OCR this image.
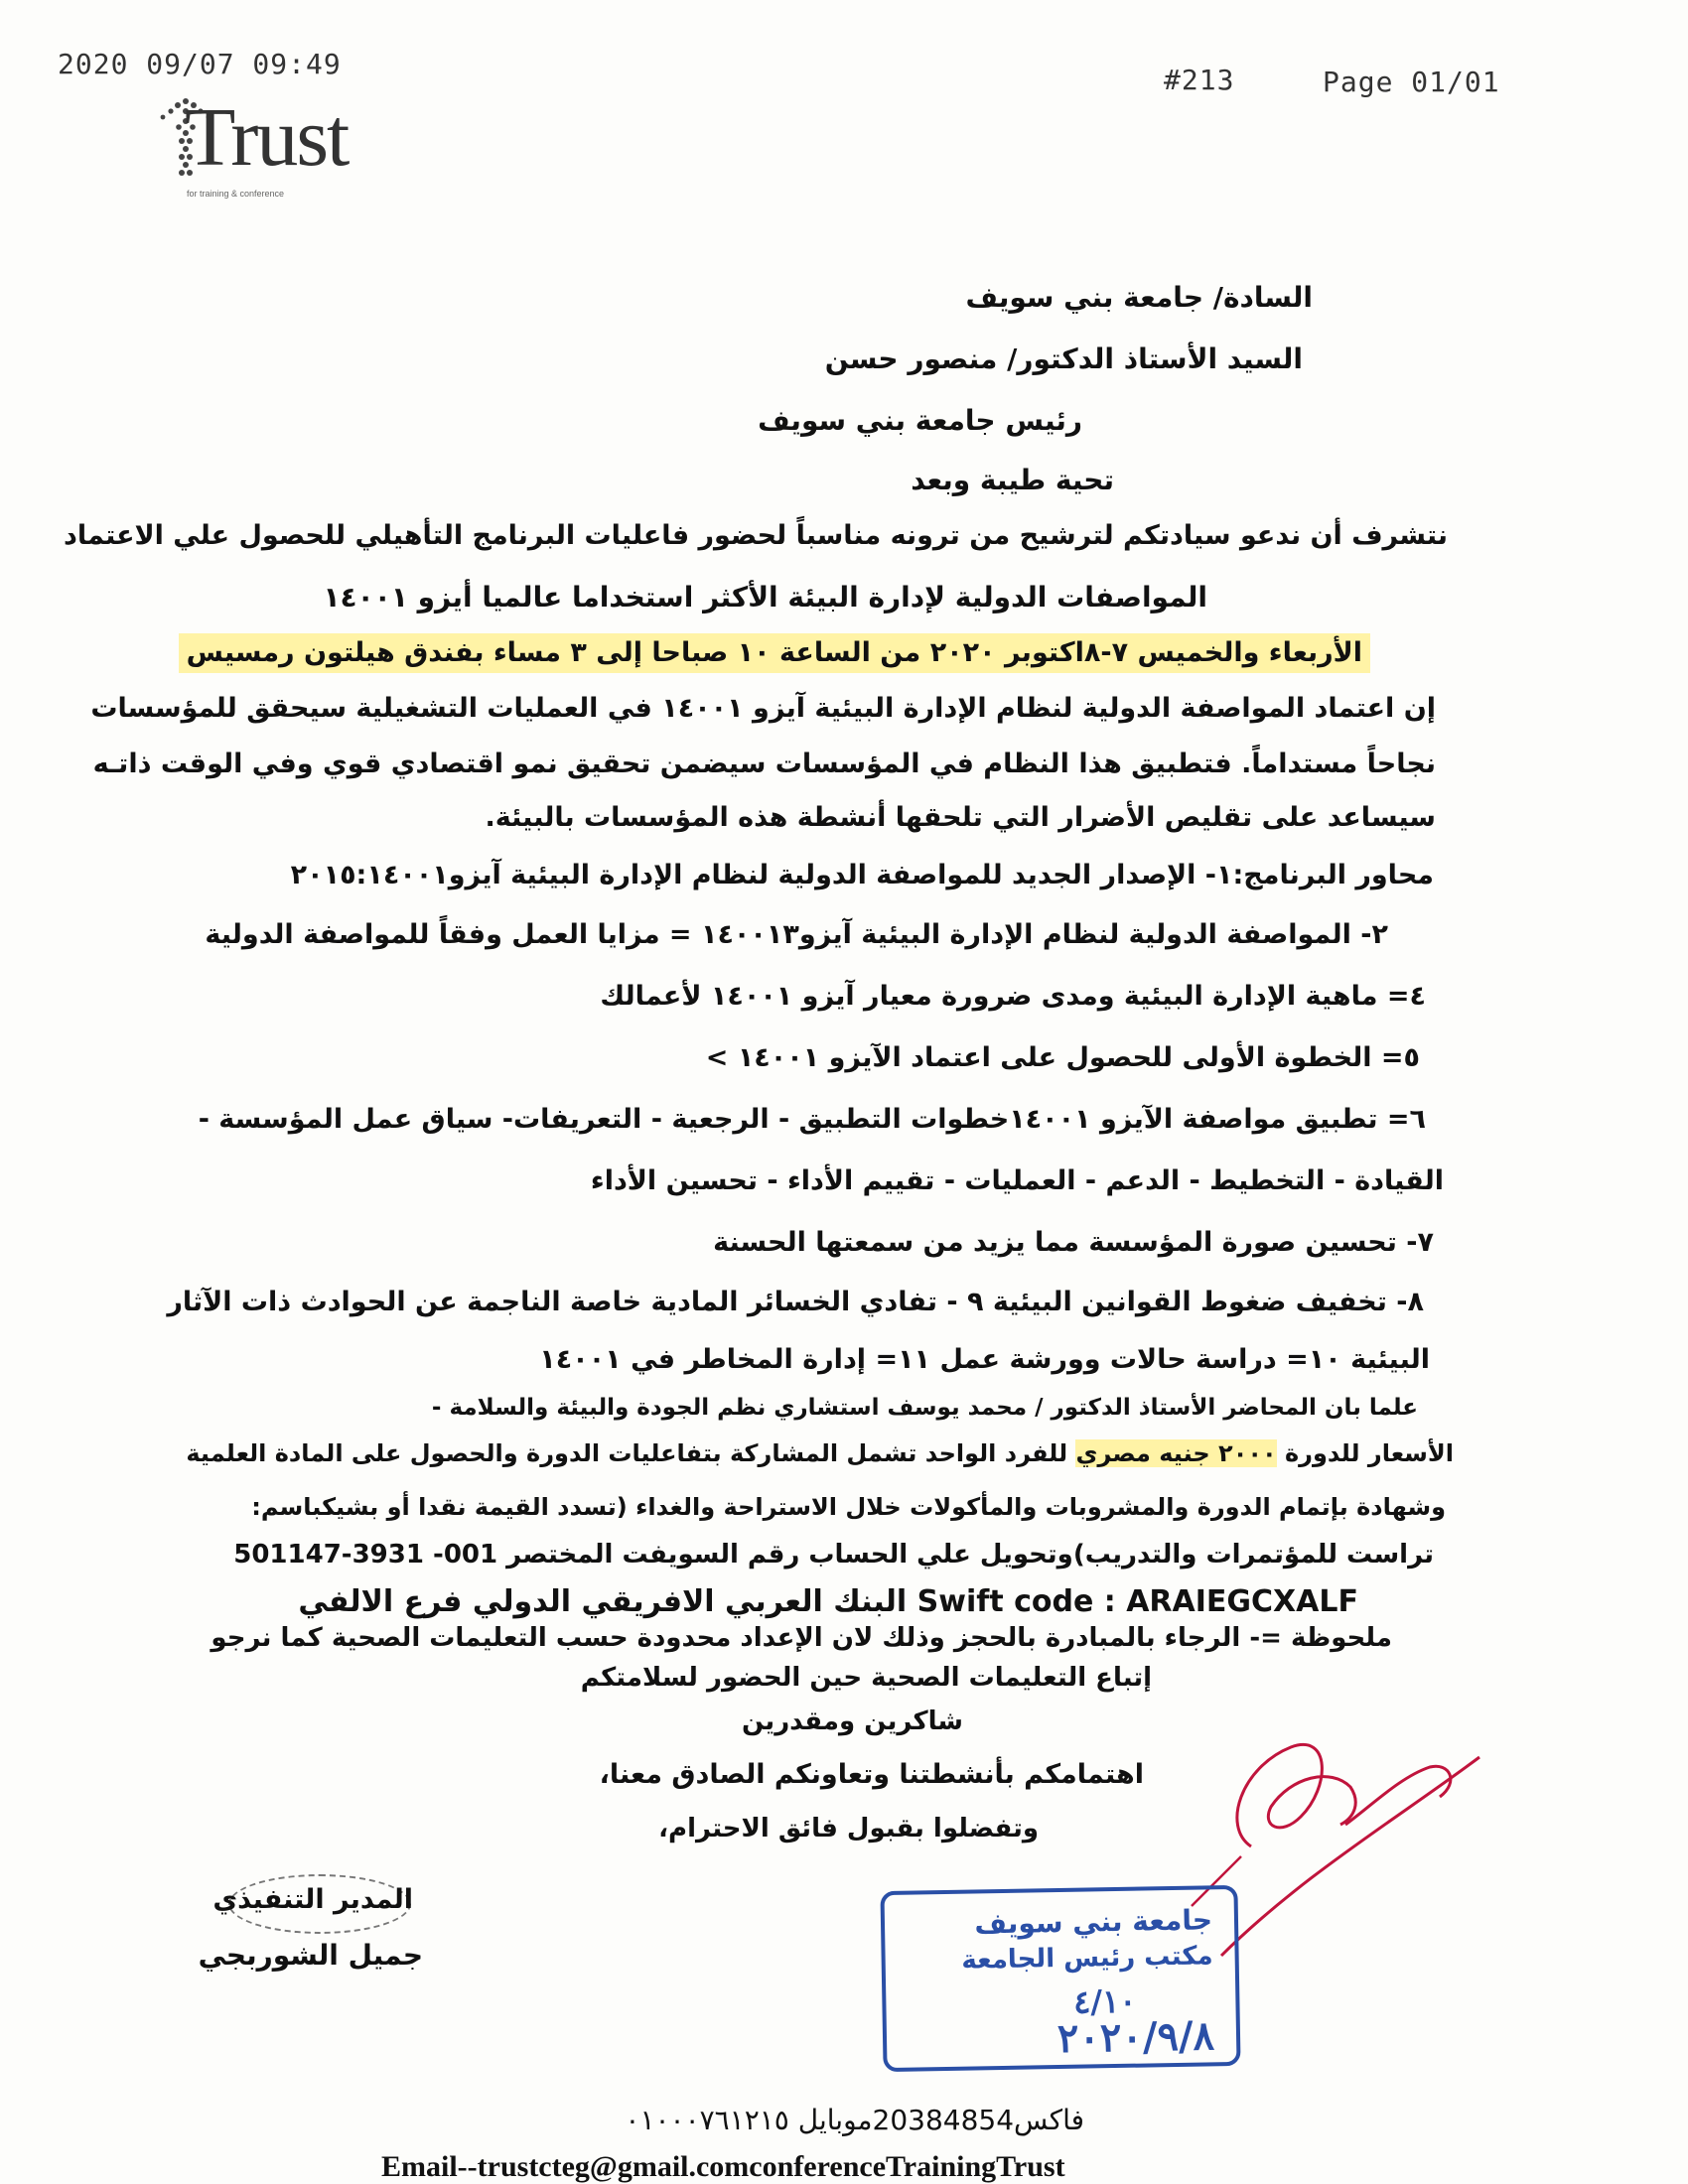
2020 09/07 09:49	#213	Page 01/01
Trust
for training & conference
السادة/ جامعة بني سويف
السيد الأستاذ الدكتور/ منصور حسن
رئيس جامعة بني سويف
تحية طيبة وبعد
نتشرف أن ندعو سيادتكم لترشيح من ترونه مناسباً لحضور فاعليات البرنامج التأهيلي للحصول علي الاعتماد
المواصفات الدولية لإدارة البيئة الأكثر استخداما عالميا أيزو ١٤٠٠١
الأربعاء والخميس ٧-٨اكتوبر ٢٠٢٠ من الساعة ١٠ صباحا إلى ٣ مساء بفندق هيلتون رمسيس
إن اعتماد المواصفة الدولية لنظام الإدارة البيئية آيزو ١٤٠٠١ في العمليات التشغيلية سيحقق للمؤسسات
نجاحاً مستداماً. فتطبيق هذا النظام في المؤسسات سيضمن تحقيق نمو اقتصادي قوي وفي الوقت ذاتـه
سيساعد على تقليص الأضرار التي تلحقها أنشطة هذه المؤسسات بالبيئة.
محاور البرنامج:١- الإصدار الجديد للمواصفة الدولية لنظام الإدارة البيئية آيزو٢٠١٥:١٤٠٠١
٢- المواصفة الدولية لنظام الإدارة البيئية آيزو١٤٠٠١٣ = مزايا العمل وفقاً للمواصفة الدولية
٤= ماهية الإدارة البيئية ومدى ضرورة معيار آيزو ١٤٠٠١ لأعمالك
٥= الخطوة الأولى للحصول على اعتماد الآيزو ١٤٠٠١ >
٦= تطبيق مواصفة الآيزو ١٤٠٠١خطوات التطبيق - الرجعية - التعريفات- سياق عمل المؤسسة -
القيادة - التخطيط - الدعم - العمليات - تقييم الأداء - تحسين الأداء
٧- تحسين صورة المؤسسة مما يزيد من سمعتها الحسنة
٨- تخفيف ضغوط القوانين البيئية ٩ - تفادي الخسائر المادية خاصة الناجمة عن الحوادث ذات الآثار
البيئية ١٠= دراسة حالات وورشة عمل ١١= إدارة المخاطر في ١٤٠٠١
علما بان المحاضر الأستاذ الدكتور / محمد يوسف استشاري نظم الجودة والبيئة والسلامة -
الأسعار للدورة ٢٠٠٠ جنيه مصري للفرد الواحد تشمل المشاركة بتفاعليات الدورة والحصول على المادة العلمية
وشهادة بإتمام الدورة والمشروبات والمأكولات خلال الاستراحة والغداء (تسدد القيمة نقدا أو بشيكباسم:
تراست للمؤتمرات والتدريب)وتحويل علي الحساب رقم السويفت المختصر 001- 3931-501147
Swift code : ARAIEGCXALF البنك العربي الافريقي الدولي فرع الالفي
ملحوظة =- الرجاء بالمبادرة بالحجز وذلك لان الإعداد محدودة حسب التعليمات الصحية كما نرجو
إتباع التعليمات الصحية حين الحضور لسلامتكم
شاكرين ومقدرين
اهتمامكم بأنشطتنا وتعاونكم الصادق معنا،
وتفضلوا بقبول فائق الاحترام،
المدير التنفيذي
جميل الشوربجي
جامعة بني سويف
مكتب رئيس الجامعة
٤/١٠
٢٠٢٠/٩/٨
فاكس20384854موبايل ٠١٠٠٠٧٦١٢١٥
Email--trustcteg@gmail.comconferenceTrainingTrust
